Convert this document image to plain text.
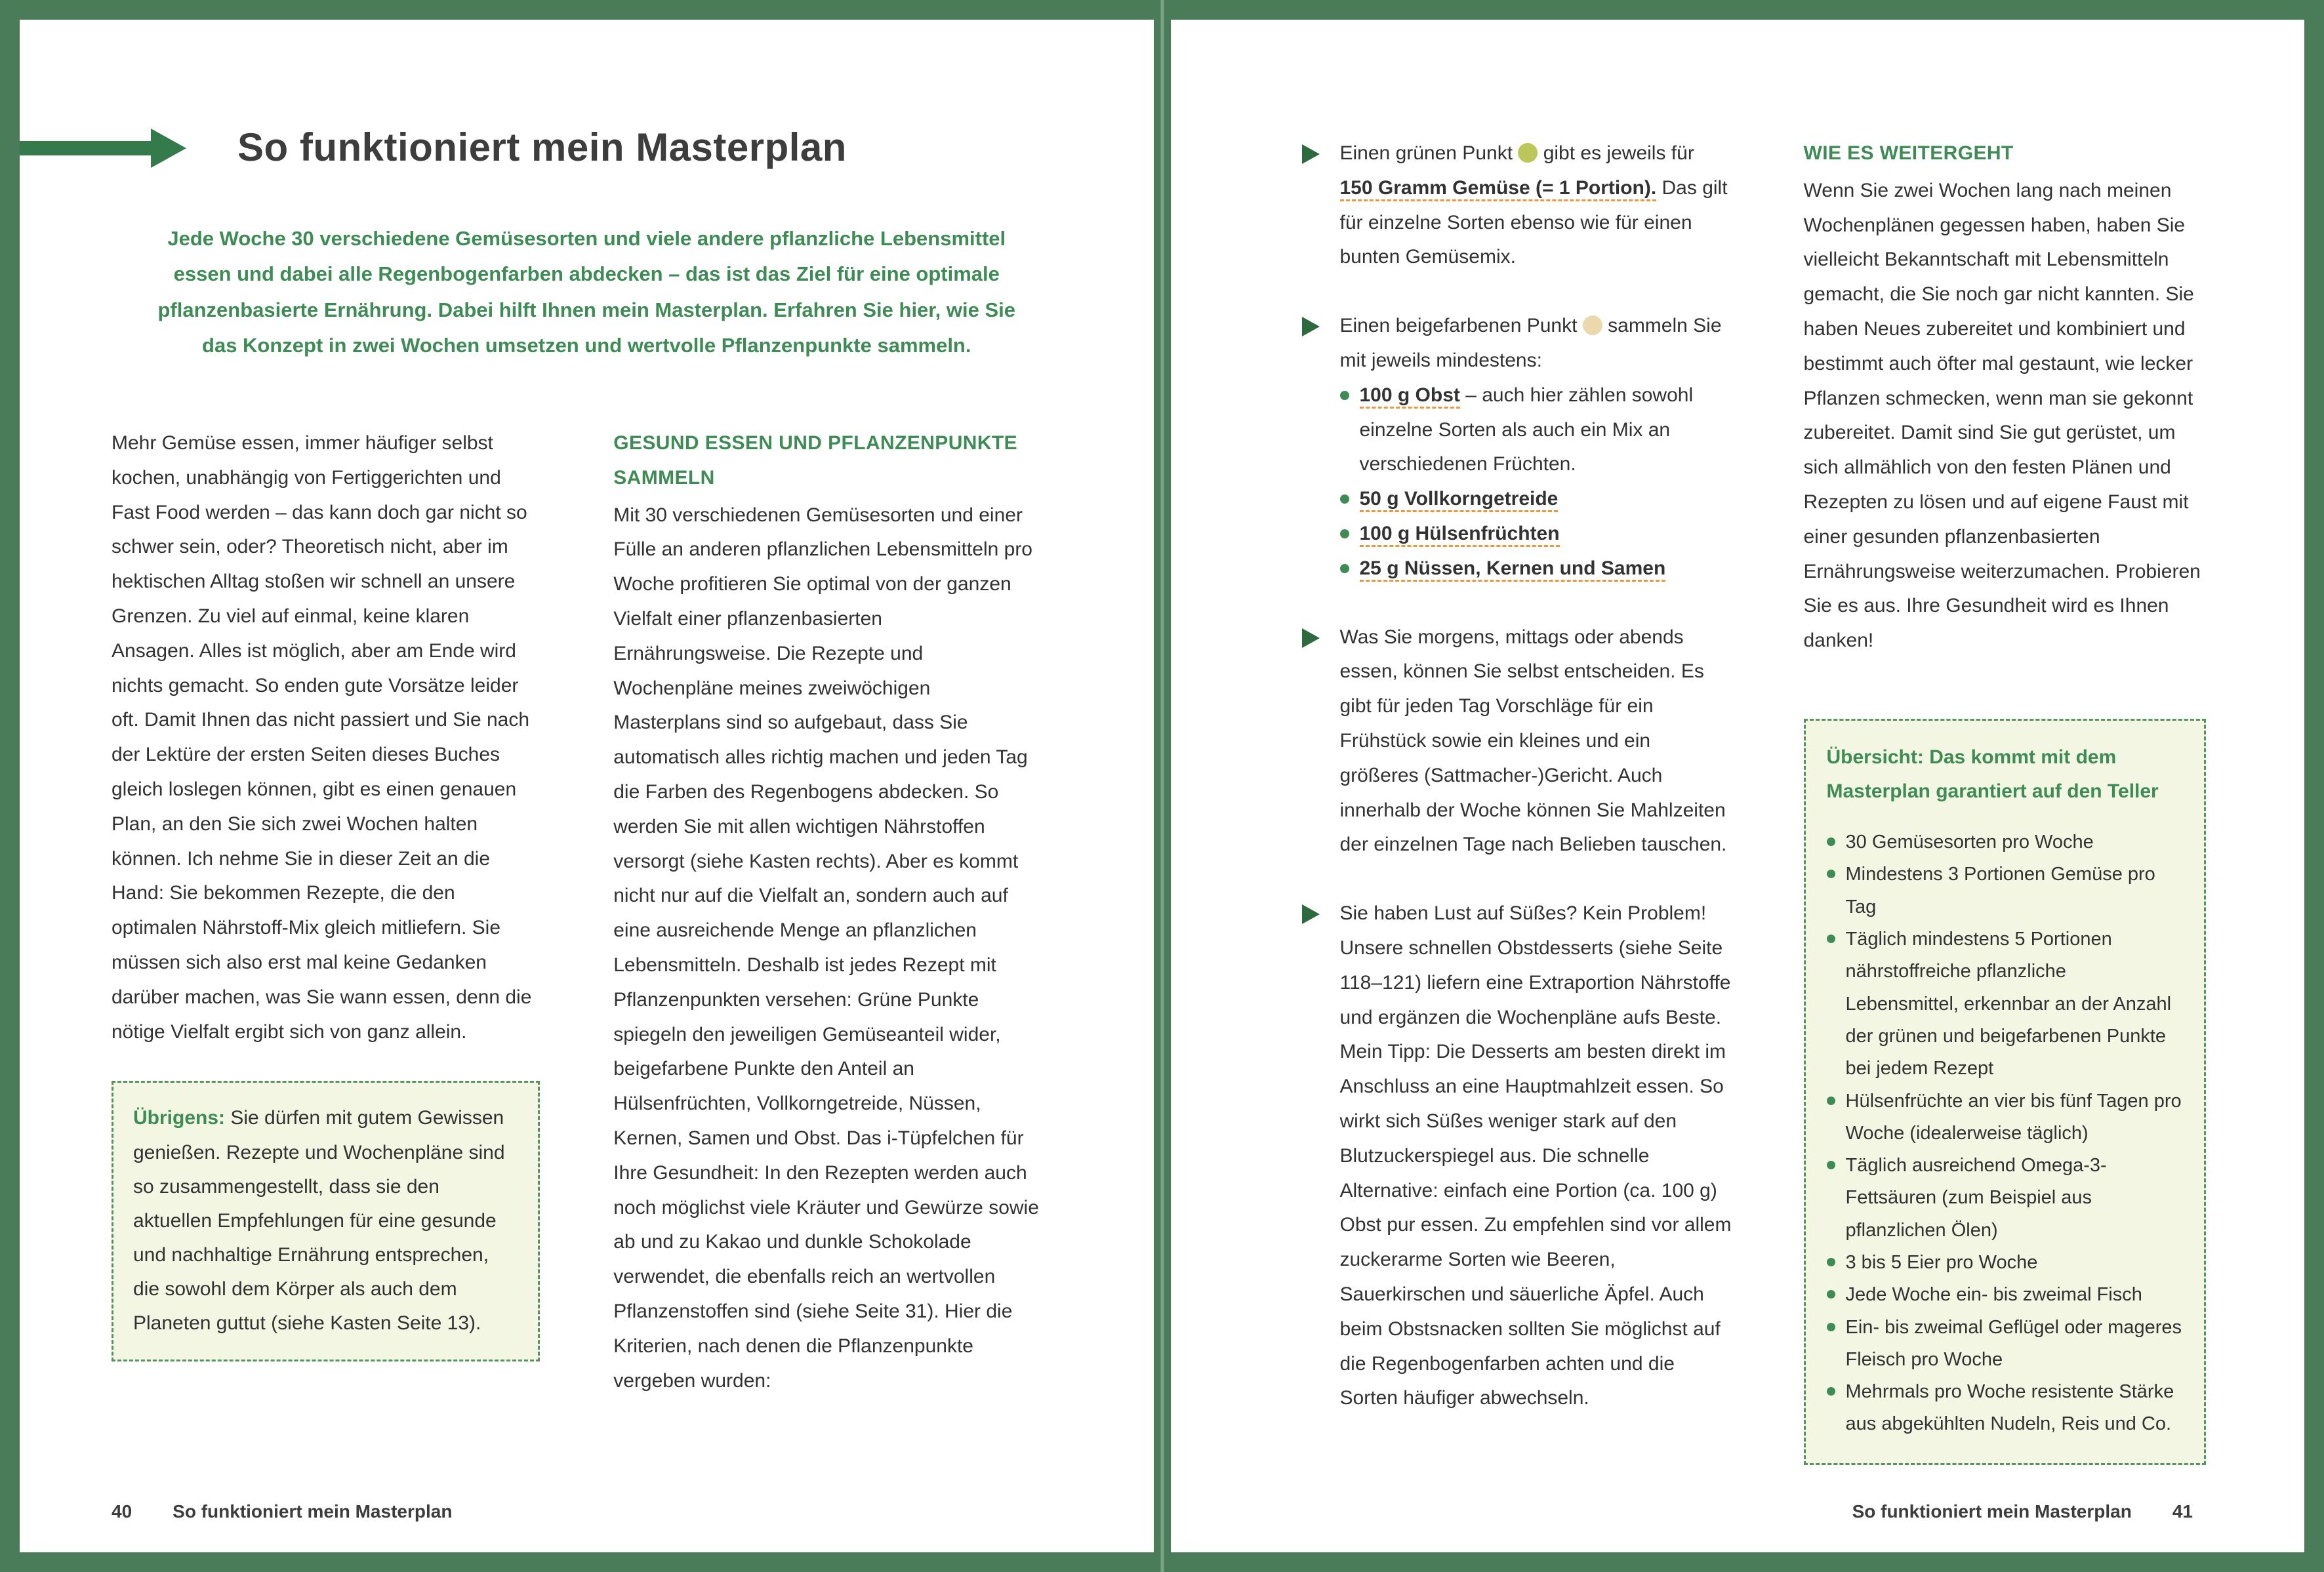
So funktioniert mein Masterplan

Jede Woche 30 verschiedene Gemüsesorten und viele andere pflanzliche Lebensmittel essen und dabei alle Regenbogenfarben abdecken – das ist das Ziel für eine optimale pflanzenbasierte Ernährung. Dabei hilft Ihnen mein Masterplan. Erfahren Sie hier, wie Sie das Konzept in zwei Wochen umsetzen und wertvolle Pflanzenpunkte sammeln.

Mehr Gemüse essen, immer häufiger selbst kochen, unabhängig von Fertiggerichten und Fast Food werden – das kann doch gar nicht so schwer sein, oder? Theoretisch nicht, aber im hektischen Alltag stoßen wir schnell an unsere Grenzen. Zu viel auf einmal, keine klaren Ansagen. Alles ist möglich, aber am Ende wird nichts gemacht. So enden gute Vorsätze leider oft. Damit Ihnen das nicht passiert und Sie nach der Lektüre der ersten Seiten dieses Buches gleich loslegen können, gibt es einen genauen Plan, an den Sie sich zwei Wochen halten können. Ich nehme Sie in dieser Zeit an die Hand: Sie bekommen Rezepte, die den optimalen Nährstoff-Mix gleich mitliefern. Sie müssen sich also erst mal keine Gedanken darüber machen, was Sie wann essen, denn die nötige Vielfalt ergibt sich von ganz allein.

Übrigens: Sie dürfen mit gutem Gewissen genießen. Rezepte und Wochenpläne sind so zusammengestellt, dass sie den aktuellen Empfehlungen für eine gesunde und nachhaltige Ernährung entsprechen, die sowohl dem Körper als auch dem Planeten guttut (siehe Kasten Seite 13).
GESUND ESSEN UND PFLANZENPUNKTE SAMMELN

Mit 30 verschiedenen Gemüsesorten und einer Fülle an anderen pflanzlichen Lebensmitteln pro Woche profitieren Sie optimal von der ganzen Vielfalt einer pflanzenbasierten Ernährungsweise. Die Rezepte und Wochenpläne meines zweiwöchigen Masterplans sind so aufgebaut, dass Sie automatisch alles richtig machen und jeden Tag die Farben des Regenbogens abdecken. So werden Sie mit allen wichtigen Nährstoffen versorgt (siehe Kasten rechts). Aber es kommt nicht nur auf die Vielfalt an, sondern auch auf eine ausreichende Menge an pflanzlichen Lebensmitteln. Deshalb ist jedes Rezept mit Pflanzenpunkten versehen: Grüne Punkte spiegeln den jeweiligen Gemüseanteil wider, beigefarbene Punkte den Anteil an Hülsenfrüchten, Vollkorngetreide, Nüssen, Kernen, Samen und Obst. Das i-Tüpfelchen für Ihre Gesundheit: In den Rezepten werden auch noch möglichst viele Kräuter und Gewürze sowie ab und zu Kakao und dunkle Schokolade verwendet, die ebenfalls reich an wertvollen Pflanzenstoffen sind (siehe Seite 31). Hier die Kriterien, nach denen die Pflanzenpunkte vergeben wurden:

40 So funktioniert mein Masterplan

Einen grünen Punkt  gibt es jeweils für 150 Gramm Gemüse (= 1 Portion). Das gilt für einzelne Sorten ebenso wie für einen bunten Gemüsemix.

Einen beigefarbenen Punkt  sammeln Sie mit jeweils mindestens:

100 g Obst – auch hier zählen sowohl einzelne Sorten als auch ein Mix an verschiedenen Früchten.
50 g Vollkorngetreide
100 g Hülsenfrüchten
25 g Nüssen, Kernen und Samen

Was Sie morgens, mittags oder abends essen, können Sie selbst entscheiden. Es gibt für jeden Tag Vorschläge für ein Frühstück sowie ein kleines und ein größeres (Sattmacher-)Gericht. Auch innerhalb der Woche können Sie Mahlzeiten der einzelnen Tage nach Belieben tauschen.

Sie haben Lust auf Süßes? Kein Problem! Unsere schnellen Obstdesserts (siehe Seite 118–121) liefern eine Extraportion Nährstoffe und ergänzen die Wochenpläne aufs Beste. Mein Tipp: Die Desserts am besten direkt im Anschluss an eine Hauptmahlzeit essen. So wirkt sich Süßes weniger stark auf den Blutzuckerspiegel aus. Die schnelle Alternative: einfach eine Portion (ca. 100 g) Obst pur essen. Zu empfehlen sind vor allem zuckerarme Sorten wie Beeren, Sauerkirschen und säuerliche Äpfel. Auch beim Obstsnacken sollten Sie möglichst auf die Regenbogenfarben achten und die Sorten häufiger abwechseln.

WIE ES WEITERGEHT

Wenn Sie zwei Wochen lang nach meinen Wochenplänen gegessen haben, haben Sie vielleicht Bekanntschaft mit Lebensmitteln gemacht, die Sie noch gar nicht kannten. Sie haben Neues zubereitet und kombiniert und bestimmt auch öfter mal gestaunt, wie lecker Pflanzen schmecken, wenn man sie gekonnt zubereitet. Damit sind Sie gut gerüstet, um sich allmählich von den festen Plänen und Rezepten zu lösen und auf eigene Faust mit einer gesunden pflanzenbasierten Ernährungsweise weiterzumachen. Probieren Sie es aus. Ihre Gesundheit wird es Ihnen danken!

Übersicht: Das kommt mit dem Masterplan garantiert auf den Teller
30 Gemüsesorten pro Woche
Mindestens 3 Portionen Gemüse pro Tag
Täglich mindestens 5 Portionen nährstoffreiche pflanzliche Lebensmittel, erkennbar an der Anzahl der grünen und beigefarbenen Punkte bei jedem Rezept
Hülsenfrüchte an vier bis fünf Tagen pro Woche (idealerweise täglich)
Täglich ausreichend Omega-3-Fettsäuren (zum Beispiel aus pflanzlichen Ölen)
3 bis 5 Eier pro Woche
Jede Woche ein- bis zweimal Fisch
Ein- bis zweimal Geflügel oder mageres Fleisch pro Woche
Mehrmals pro Woche resistente Stärke aus abgekühlten Nudeln, Reis und Co.
So funktioniert mein Masterplan 41
